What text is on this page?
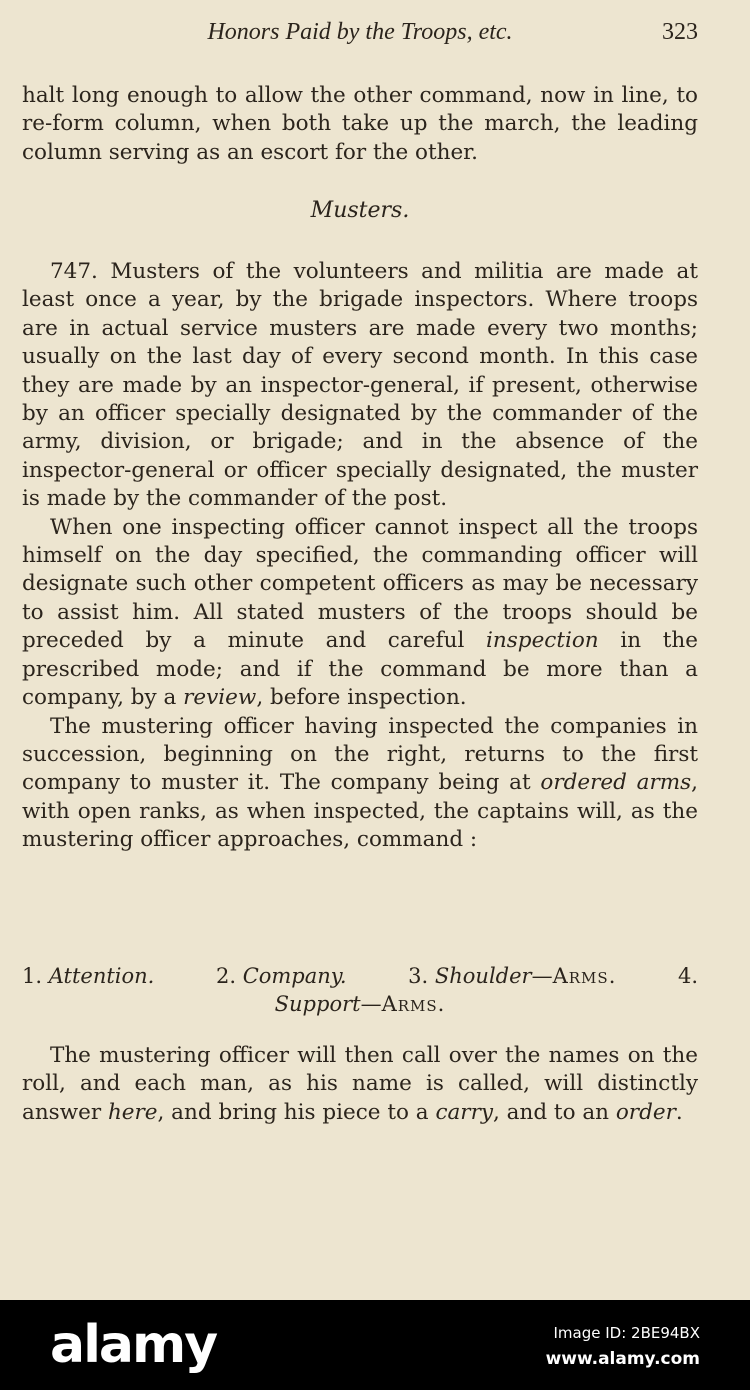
Honors Paid by the Troops, etc.	323

halt long enough to allow the other command, now in line, to re-form column, when both take up the march, the leading column serving as an escort for the other.

Musters.

747. Musters of the volunteers and militia are made at least once a year, by the brigade inspectors. Where troops are in actual service musters are made every two months; usually on the last day of every second month. In this case they are made by an inspector-general, if present, otherwise by an officer specially designated by the commander of the army, division, or brigade; and in the absence of the inspector-general or officer specially designated, the muster is made by the commander of the post.

When one inspecting officer cannot inspect all the troops himself on the day specified, the commanding officer will designate such other competent officers as may be necessary to assist him. All stated musters of the troops should be preceded by a minute and careful inspection in the prescribed mode; and if the command be more than a company, by a review, before inspection.

The mustering officer having inspected the companies in succession, beginning on the right, returns to the first company to muster it. The company being at ordered arms, with open ranks, as when inspected, the captains will, as the mustering officer approaches, command :

1. Attention.	2. Company.	3. Shoulder—Arms.	4.
Support—Arms.

The mustering officer will then call over the names on the roll, and each man, as his name is called, will distinctly answer here, and bring his piece to a carry, and to an order.

alamy	Image ID: 2BE94BX
www.alamy.com
